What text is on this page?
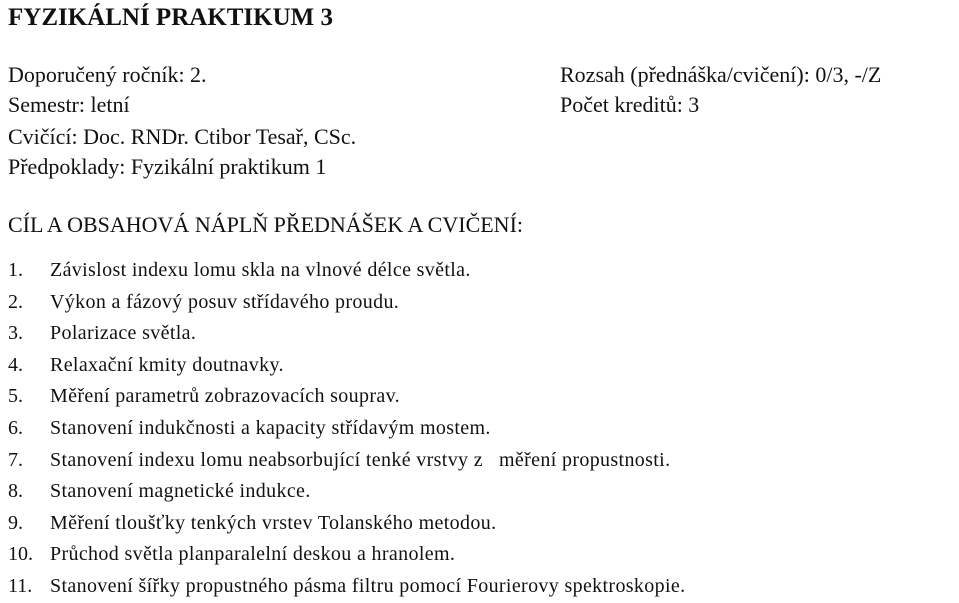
FYZIKÁLNÍ PRAKTIKUM 3
Doporučený ročník: 2.	Rozsah (přednáška/cvičení): 0/3, -/Z
Semestr: letní	Počet kreditů: 3
Cvičící: Doc. RNDr. Ctibor Tesař, CSc.
Předpoklady: Fyzikální praktikum 1
CÍL A OBSAHOVÁ NÁPLŇ PŘEDNÁŠEK A CVIČENÍ:
1.	Závislost indexu lomu skla na vlnové délce světla.
2.	Výkon a fázový posuv střídavého proudu.
3.	Polarizace světla.
4.	Relaxační kmity doutnavky.
5.	Měření parametrů zobrazovacích souprav.
6.	Stanovení indukčnosti a kapacity střídavým mostem.
7.	Stanovení indexu lomu neabsorbující tenké vrstvy z   měření propustnosti.
8.	Stanovení magnetické indukce.
9.	Měření tloušťky tenkých vrstev Tolanského metodou.
10. Průchod světla planparalelní deskou a hranolem.
11. Stanovení šířky propustného pásma filtru pomocí Fourierovy spektroskopie.
